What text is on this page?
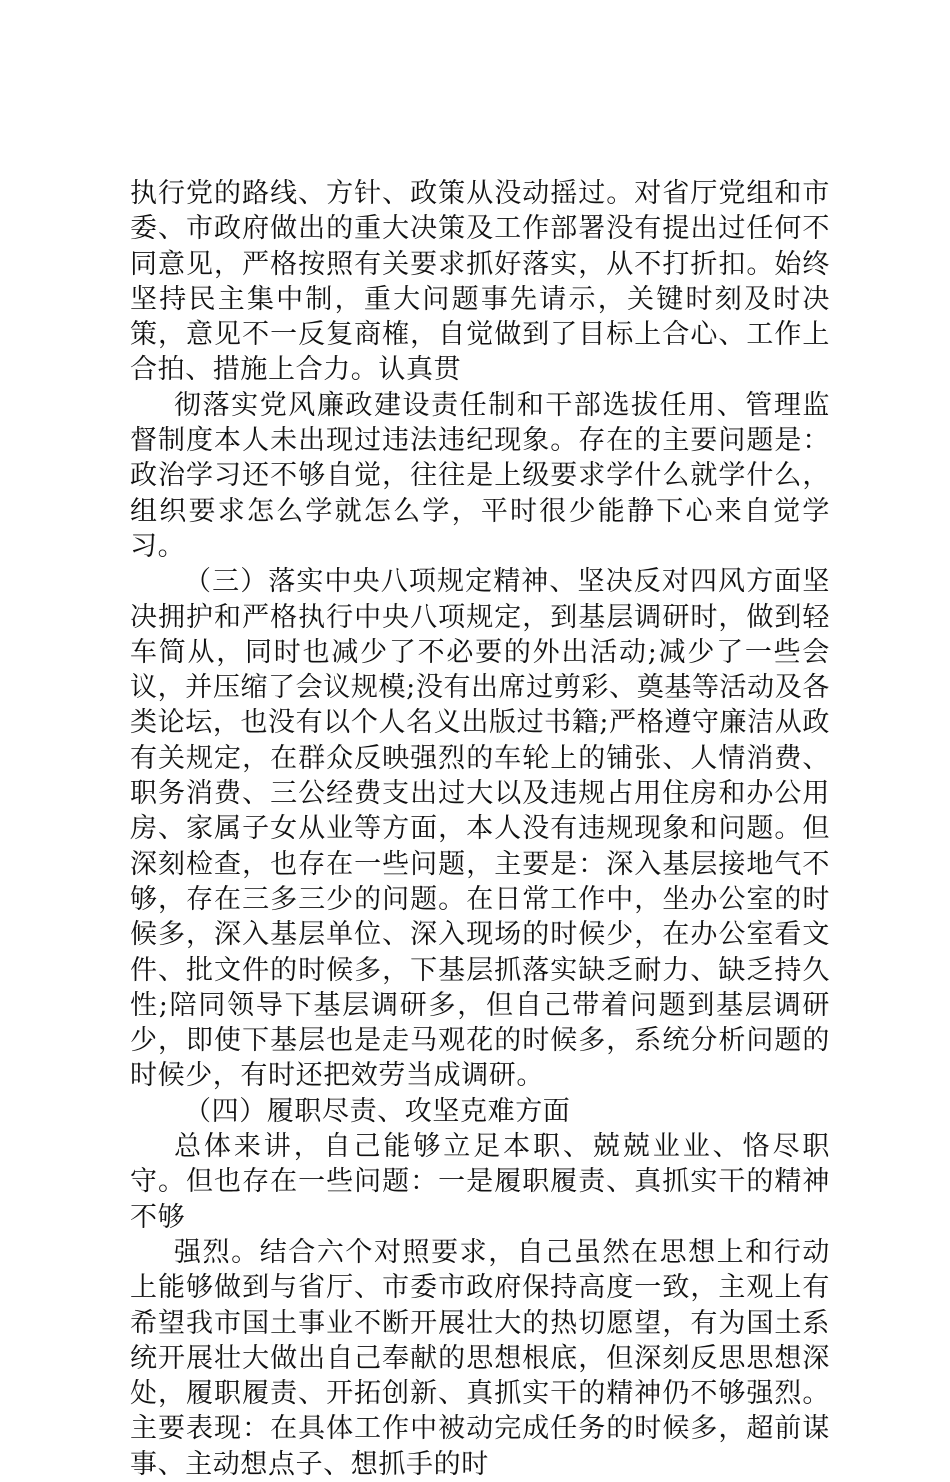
执行党的路线、方针、政策从没动摇过。对省厅党组和市委、市政府做出的重大决策及工作部署没有提出过任何不同意见，严格按照有关要求抓好落实，从不打折扣。始终坚持民主集中制，重大问题事先请示，关键时刻及时决策，意见不一反复商榷，自觉做到了目标上合心、工作上合拍、措施上合力。认真贯

彻落实党风廉政建设责任制和干部选拔任用、管理监督制度本人未出现过违法违纪现象。存在的主要问题是：政治学习还不够自觉，往往是上级要求学什么就学什么，组织要求怎么学就怎么学，平时很少能静下心来自觉学习。

（三）落实中央八项规定精神、坚决反对四风方面坚决拥护和严格执行中央八项规定，到基层调研时，做到轻车简从，同时也减少了不必要的外出活动;减少了一些会议，并压缩了会议规模;没有出席过剪彩、奠基等活动及各类论坛，也没有以个人名义出版过书籍;严格遵守廉洁从政有关规定，在群众反映强烈的车轮上的铺张、人情消费、职务消费、三公经费支出过大以及违规占用住房和办公用房、家属子女从业等方面，本人没有违规现象和问题。但深刻检查，也存在一些问题，主要是：深入基层接地气不够，存在三多三少的问题。在日常工作中，坐办公室的时候多，深入基层单位、深入现场的时候少，在办公室看文件、批文件的时候多，下基层抓落实缺乏耐力、缺乏持久性;陪同领导下基层调研多，但自己带着问题到基层调研少，即使下基层也是走马观花的时候多，系统分析问题的时候少，有时还把效劳当成调研。

（四）履职尽责、攻坚克难方面

总体来讲，自己能够立足本职、兢兢业业、恪尽职守。但也存在一些问题：一是履职履责、真抓实干的精神不够

强烈。结合六个对照要求，自己虽然在思想上和行动上能够做到与省厅、市委市政府保持高度一致，主观上有希望我市国土事业不断开展壮大的热切愿望，有为国土系统开展壮大做出自己奉献的思想根底，但深刻反思思想深处，履职履责、开拓创新、真抓实干的精神仍不够强烈。主要表现：在具体工作中被动完成任务的时候多，超前谋事、主动想点子、想抓手的时
